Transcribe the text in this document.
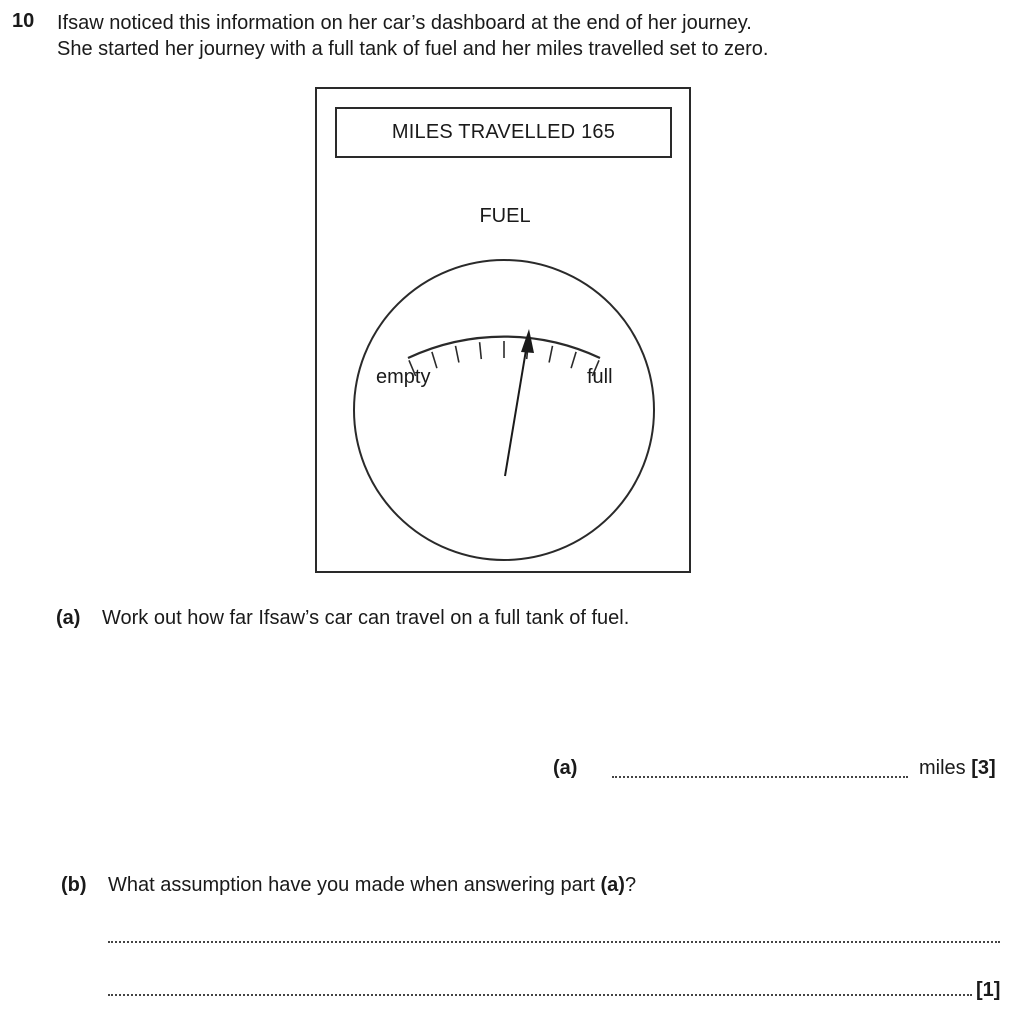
10 Ifsaw noticed this information on her car’s dashboard at the end of her journey.
She started her journey with a full tank of fuel and her miles travelled set to zero.
MILES TRAVELLED
165
FUEL
empty	full
(a) Work out how far Ifsaw’s car can travel on a full tank of fuel.
(a)	miles [3]
(b) What assumption have you made when answering part (a)?
[1]
